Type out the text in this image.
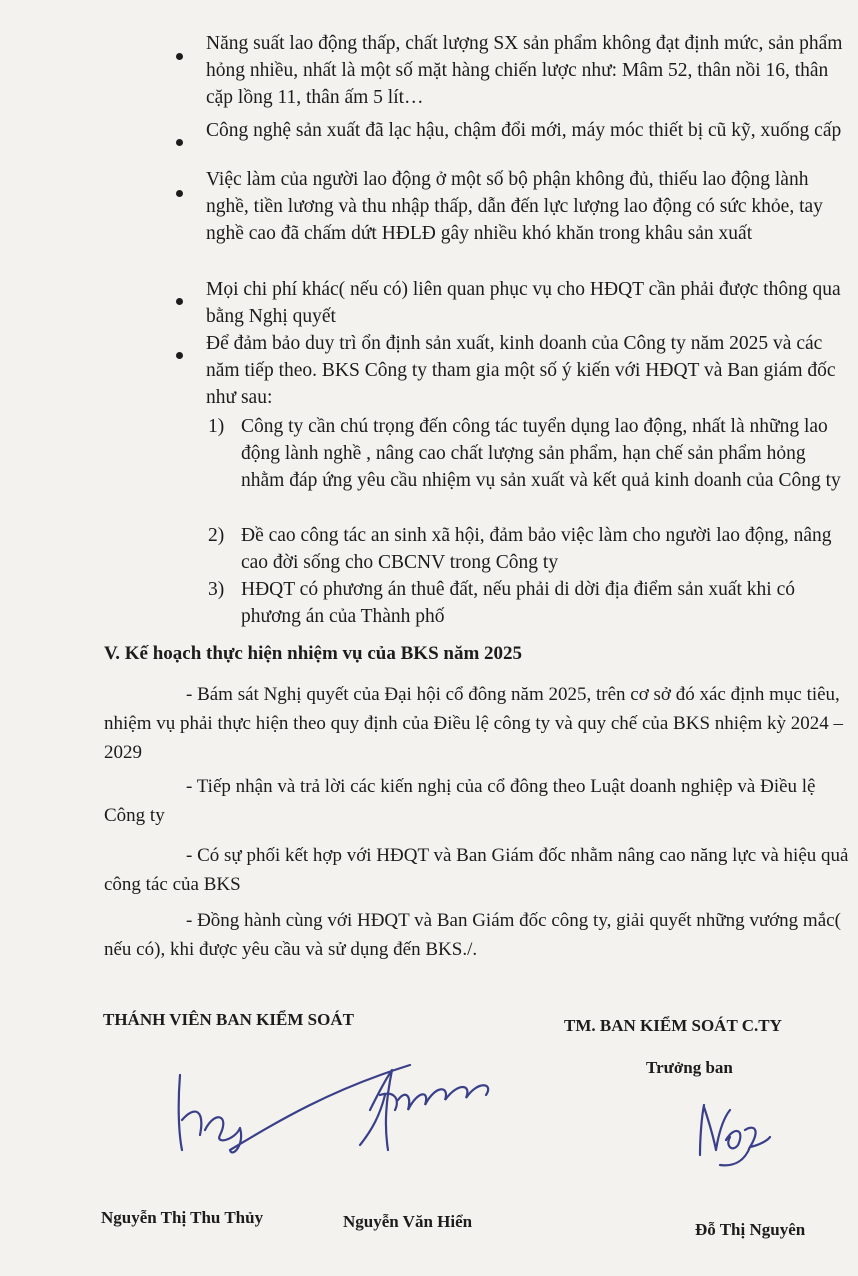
Năng suất lao động thấp, chất lượng SX sản phẩm không đạt định mức, sản phẩm hỏng nhiều, nhất là một số mặt hàng chiến lược như: Mâm 52, thân nồi 16, thân cặp lồng 11, thân ấm 5 lít…
Công nghệ sản xuất đã lạc hậu, chậm đổi mới, máy móc thiết bị cũ kỹ, xuống cấp
Việc làm của người lao động ở một số bộ phận không đủ, thiếu lao động lành nghề, tiền lương và thu nhập thấp, dẫn đến lực lượng lao động có sức khỏe, tay nghề cao đã chấm dứt HĐLĐ gây nhiều khó khăn trong khâu sản xuất
Mọi chi phí khác( nếu có) liên quan phục vụ cho HĐQT cần phải được thông qua bằng Nghị quyết
Để đảm bảo duy trì ổn định sản xuất, kinh doanh của Công ty năm 2025 và các năm tiếp theo. BKS Công ty tham gia một số ý kiến với HĐQT và Ban giám đốc như sau:
1) Công ty cần chú trọng đến công tác tuyển dụng lao động, nhất là những lao động lành nghề , nâng cao chất lượng sản phẩm, hạn chế sản phẩm hỏng nhằm đáp ứng yêu cầu nhiệm vụ sản xuất và kết quả kinh doanh của Công ty
2) Đề cao công tác an sinh xã hội, đảm bảo việc làm cho người lao động, nâng cao đời sống cho CBCNV trong Công ty
3) HĐQT có phương án thuê đất, nếu phải di dời địa điểm sản xuất khi có phương án của Thành phố
V. Kế hoạch thực hiện nhiệm vụ của BKS năm 2025
- Bám sát Nghị quyết của Đại hội cổ đông năm 2025, trên cơ sở đó xác định mục tiêu, nhiệm vụ phải thực hiện theo quy định của Điều lệ công ty và quy chế của BKS nhiệm kỳ 2024 – 2029
- Tiếp nhận và trả lời các kiến nghị của cổ đông theo Luật doanh nghiệp và Điều lệ Công ty
- Có sự phối kết hợp với HĐQT và Ban Giám đốc nhằm nâng cao năng lực và hiệu quả công tác của BKS
- Đồng hành cùng với HĐQT và Ban Giám đốc công ty, giải quyết những vướng mắc( nếu có), khi được yêu cầu và sử dụng đến BKS./.
THÁNH VIÊN BAN KIỂM SOÁT	TM. BAN KIỂM SOÁT C.TY
Trưởng ban
Nguyễn Thị Thu Thủy	Nguyễn Văn Hiển	Đỗ Thị Nguyên
